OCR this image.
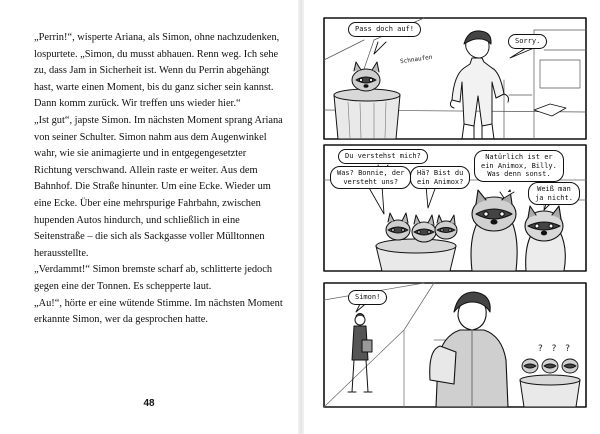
„Perrin!“, wisperte Ariana, als Simon, ohne nachzudenken, lospurtete. „Simon, du musst abhauen. Renn weg. Ich sehe zu, dass Jam in Sicherheit ist. Wenn du Perrin abgehängt hast, warte einen Moment, bis du ganz sicher sein kannst. Dann komm zurück. Wir treffen uns wieder hier.“

„Ist gut“, japste Simon. Im nächsten Moment sprang Ariana von seiner Schulter. Simon nahm aus dem Augenwinkel wahr, wie sie animagierte und in entgegengesetzter Richtung verschwand. Allein raste er weiter. Aus dem Bahnhof. Die Straße hinunter. Um eine Ecke. Wieder um eine Ecke. Über eine mehrspurige Fahrbahn, zwischen hupenden Autos hindurch, und schließlich in eine Seitenstraße – die sich als Sackgasse voller Mülltonnen herausstellte.

„Verdammt!“ Simon bremste scharf ab, schlitterte jedoch gegen eine der Tonnen. Es schepperte laut.

„Au!“, hörte er eine wütende Stimme. Im nächsten Moment erkannte Simon, wer da gesprochen hatte.

48
Pass doch auf!
Schnaufen
Sorry.
Du verstehst mich?
Was? Bonnie, der
versteht uns?
Hä? Bist du
ein Animox?
Natürlich ist er
ein Animox, Billy.
Was denn sonst.
Weiß man
ja nicht.
Simon!
? ? ?
